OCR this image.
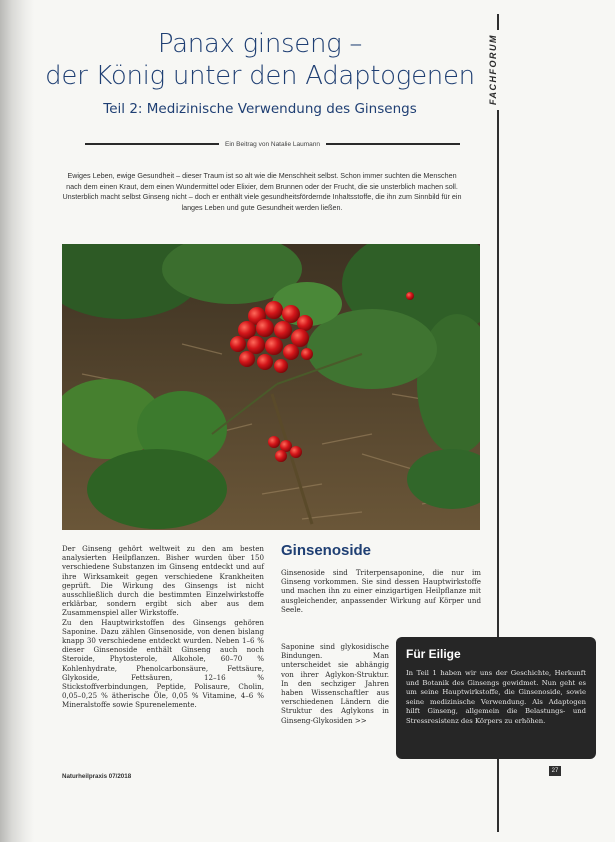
FACHFORUM
Panax ginseng –
der König unter den Adaptogenen
Teil 2: Medizinische Verwendung des Ginsengs
Ein Beitrag von Natalie Laumann
Ewiges Leben, ewige Gesundheit – dieser Traum ist so alt wie die Menschheit selbst. Schon immer suchten die Menschen nach dem einen Kraut, dem einen Wundermittel oder Elixier, dem Brunnen oder der Frucht, die sie unsterblich machen soll. Unsterblich macht selbst Ginseng nicht – doch er enthält viele gesundheitsfördernde Inhaltsstoffe, die ihn zum Sinnbild für ein langes Leben und gute Gesundheit werden ließen.

Der Ginseng gehört weltweit zu den am besten analysierten Heilpflanzen. Bisher wurden über 150 verschiedene Substanzen im Ginseng entdeckt und auf ihre Wirksamkeit gegen verschiedene Krankheiten geprüft. Die Wirkung des Ginsengs ist nicht ausschließlich durch die bestimmten Einzelwirkstoffe erklärbar, sondern ergibt sich aber aus dem Zusammenspiel aller Wirkstoffe.

Zu den Hauptwirkstoffen des Ginsengs gehören Saponine. Dazu zählen Ginsenoside, von denen bislang knapp 30 verschiedene entdeckt wurden. Neben 1–6 % dieser Ginsenoside enthält Ginseng auch noch Steroide, Phytosterole, Alkohole, 60–70 % Kohlenhydrate, Phenolcarbonsäure, Fettsäure, Glykoside, Fettsäuren, 12–16 % Stickstoffverbindungen, Peptide, Polisaure, Cholin, 0,05–0,25 % ätherische Öle, 0,05 % Vitamine, 4–6 % Mineralstoffe sowie Spurenelemente.

Ginsenoside

Ginsenoside sind Triterpensaponine, die nur im Ginseng vorkommen. Sie sind dessen Hauptwirkstoffe und machen ihn zu einer einzigartigen Heilpflanze mit ausgleichender, anpassender Wirkung auf Körper und Seele.

Saponine sind glykosidische Bindungen. Man unterscheidet sie abhängig von ihrer Aglykon-Struktur. In den sechziger Jahren haben Wissenschaftler aus verschiedenen Ländern die Struktur des Aglykons in Ginseng-Glykosiden >>

Für Eilige

In Teil 1 haben wir uns der Geschichte, Herkunft und Botanik des Ginsengs gewidmet. Nun geht es um seine Hauptwirkstoffe, die Ginsenoside, sowie seine medizinische Verwendung. Als Adaptogen hilft Ginseng, allgemein die Belastungs- und Stressresistenz des Körpers zu erhöhen.

Naturheilpraxis 07/2018
27
